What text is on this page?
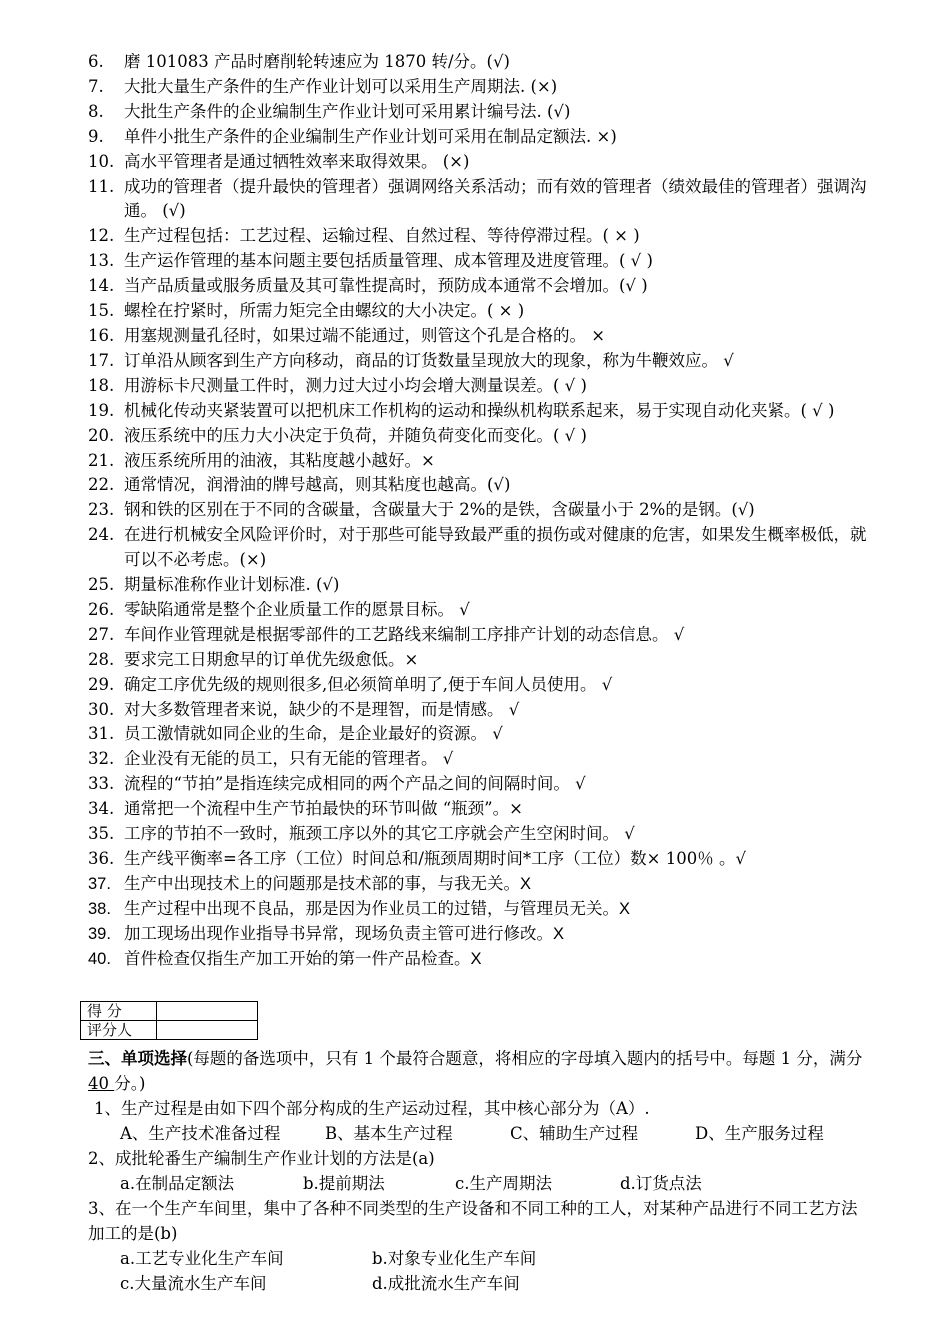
6.	磨 101083 产品时磨削轮转速应为 1870 转/分。(√)
7.	大批大量生产条件的生产作业计划可以采用生产周期法. (×)
8.	大批生产条件的企业编制生产作业计划可采用累计编号法. (√)
9.	单件小批生产条件的企业编制生产作业计划可采用在制品定额法. ×)
10. 高水平管理者是通过牺牲效率来取得效果。 (×)
11. 成功的管理者（提升最快的管理者）强调网络关系活动；而有效的管理者（绩效最佳的管理者）强调沟通。 (√)
12. 生产过程包括：工艺过程、运输过程、自然过程、等待停滞过程。( × )
13. 生产运作管理的基本问题主要包括质量管理、成本管理及进度管理。( √ )
14. 当产品质量或服务质量及其可靠性提高时，预防成本通常不会增加。(√ )
15. 螺栓在拧紧时，所需力矩完全由螺纹的大小决定。( × )
16. 用塞规测量孔径时，如果过端不能通过，则管这个孔是合格的。 ×
17. 订单沿从顾客到生产方向移动，商品的订货数量呈现放大的现象，称为牛鞭效应。 √
18. 用游标卡尺测量工件时，测力过大过小均会增大测量误差。( √ )
19. 机械化传动夹紧装置可以把机床工作机构的运动和操纵机构联系起来，易于实现自动化夹紧。( √ )
20. 液压系统中的压力大小决定于负荷，并随负荷变化而变化。( √ )
21. 液压系统所用的油液，其粘度越小越好。×
22. 通常情况，润滑油的牌号越高，则其粘度也越高。(√)
23. 钢和铁的区别在于不同的含碳量，含碳量大于 2%的是铁，含碳量小于 2%的是钢。(√)
24. 在进行机械安全风险评价时，对于那些可能导致最严重的损伤或对健康的危害，如果发生概率极低，就可以不必考虑。(×)
25. 期量标准称作业计划标准. (√)
26. 零缺陷通常是整个企业质量工作的愿景目标。 √
27. 车间作业管理就是根据零部件的工艺路线来编制工序排产计划的动态信息。 √
28. 要求完工日期愈早的订单优先级愈低。×
29. 确定工序优先级的规则很多,但必须简单明了,便于车间人员使用。 √
30. 对大多数管理者来说，缺少的不是理智，而是情感。 √
31. 员工激情就如同企业的生命，是企业最好的资源。 √
32. 企业没有无能的员工，只有无能的管理者。 √
33. 流程的“节拍”是指连续完成相同的两个产品之间的间隔时间。 √
34. 通常把一个流程中生产节拍最快的环节叫做 “瓶颈”。×
35. 工序的节拍不一致时，瓶颈工序以外的其它工序就会产生空闲时间。 √
36. 生产线平衡率=各工序（工位）时间总和/瓶颈周期时间*工序（工位）数× 100％ 。√
37. 生产中出现技术上的问题那是技术部的事，与我无关。X
38. 生产过程中出现不良品，那是因为作业员工的过错，与管理员无关。X
39. 加工现场出现作业指导书异常，现场负责主管可进行修改。X
40. 首件检查仅指生产加工开始的第一件产品检查。X
得 分	
评分人	
三、单项选择(每题的备选项中，只有 1 个最符合题意，将相应的字母填入题内的括号中。每题 1 分，满分 40 分。)
1、生产过程是由如下四个部分构成的生产运动过程，其中核心部分为（A）.
A、生产技术准备过程	B、基本生产过程	C、辅助生产过程	D、生产服务过程
2、成批轮番生产编制生产作业计划的方法是(a)
a.在制品定额法	b.提前期法	c.生产周期法	d.订货点法
3、在一个生产车间里，集中了各种不同类型的生产设备和不同工种的工人，对某种产品进行不同工艺方法加工的是(b)
a.工艺专业化生产车间	b.对象专业化生产车间
c.大量流水生产车间	d.成批流水生产车间
